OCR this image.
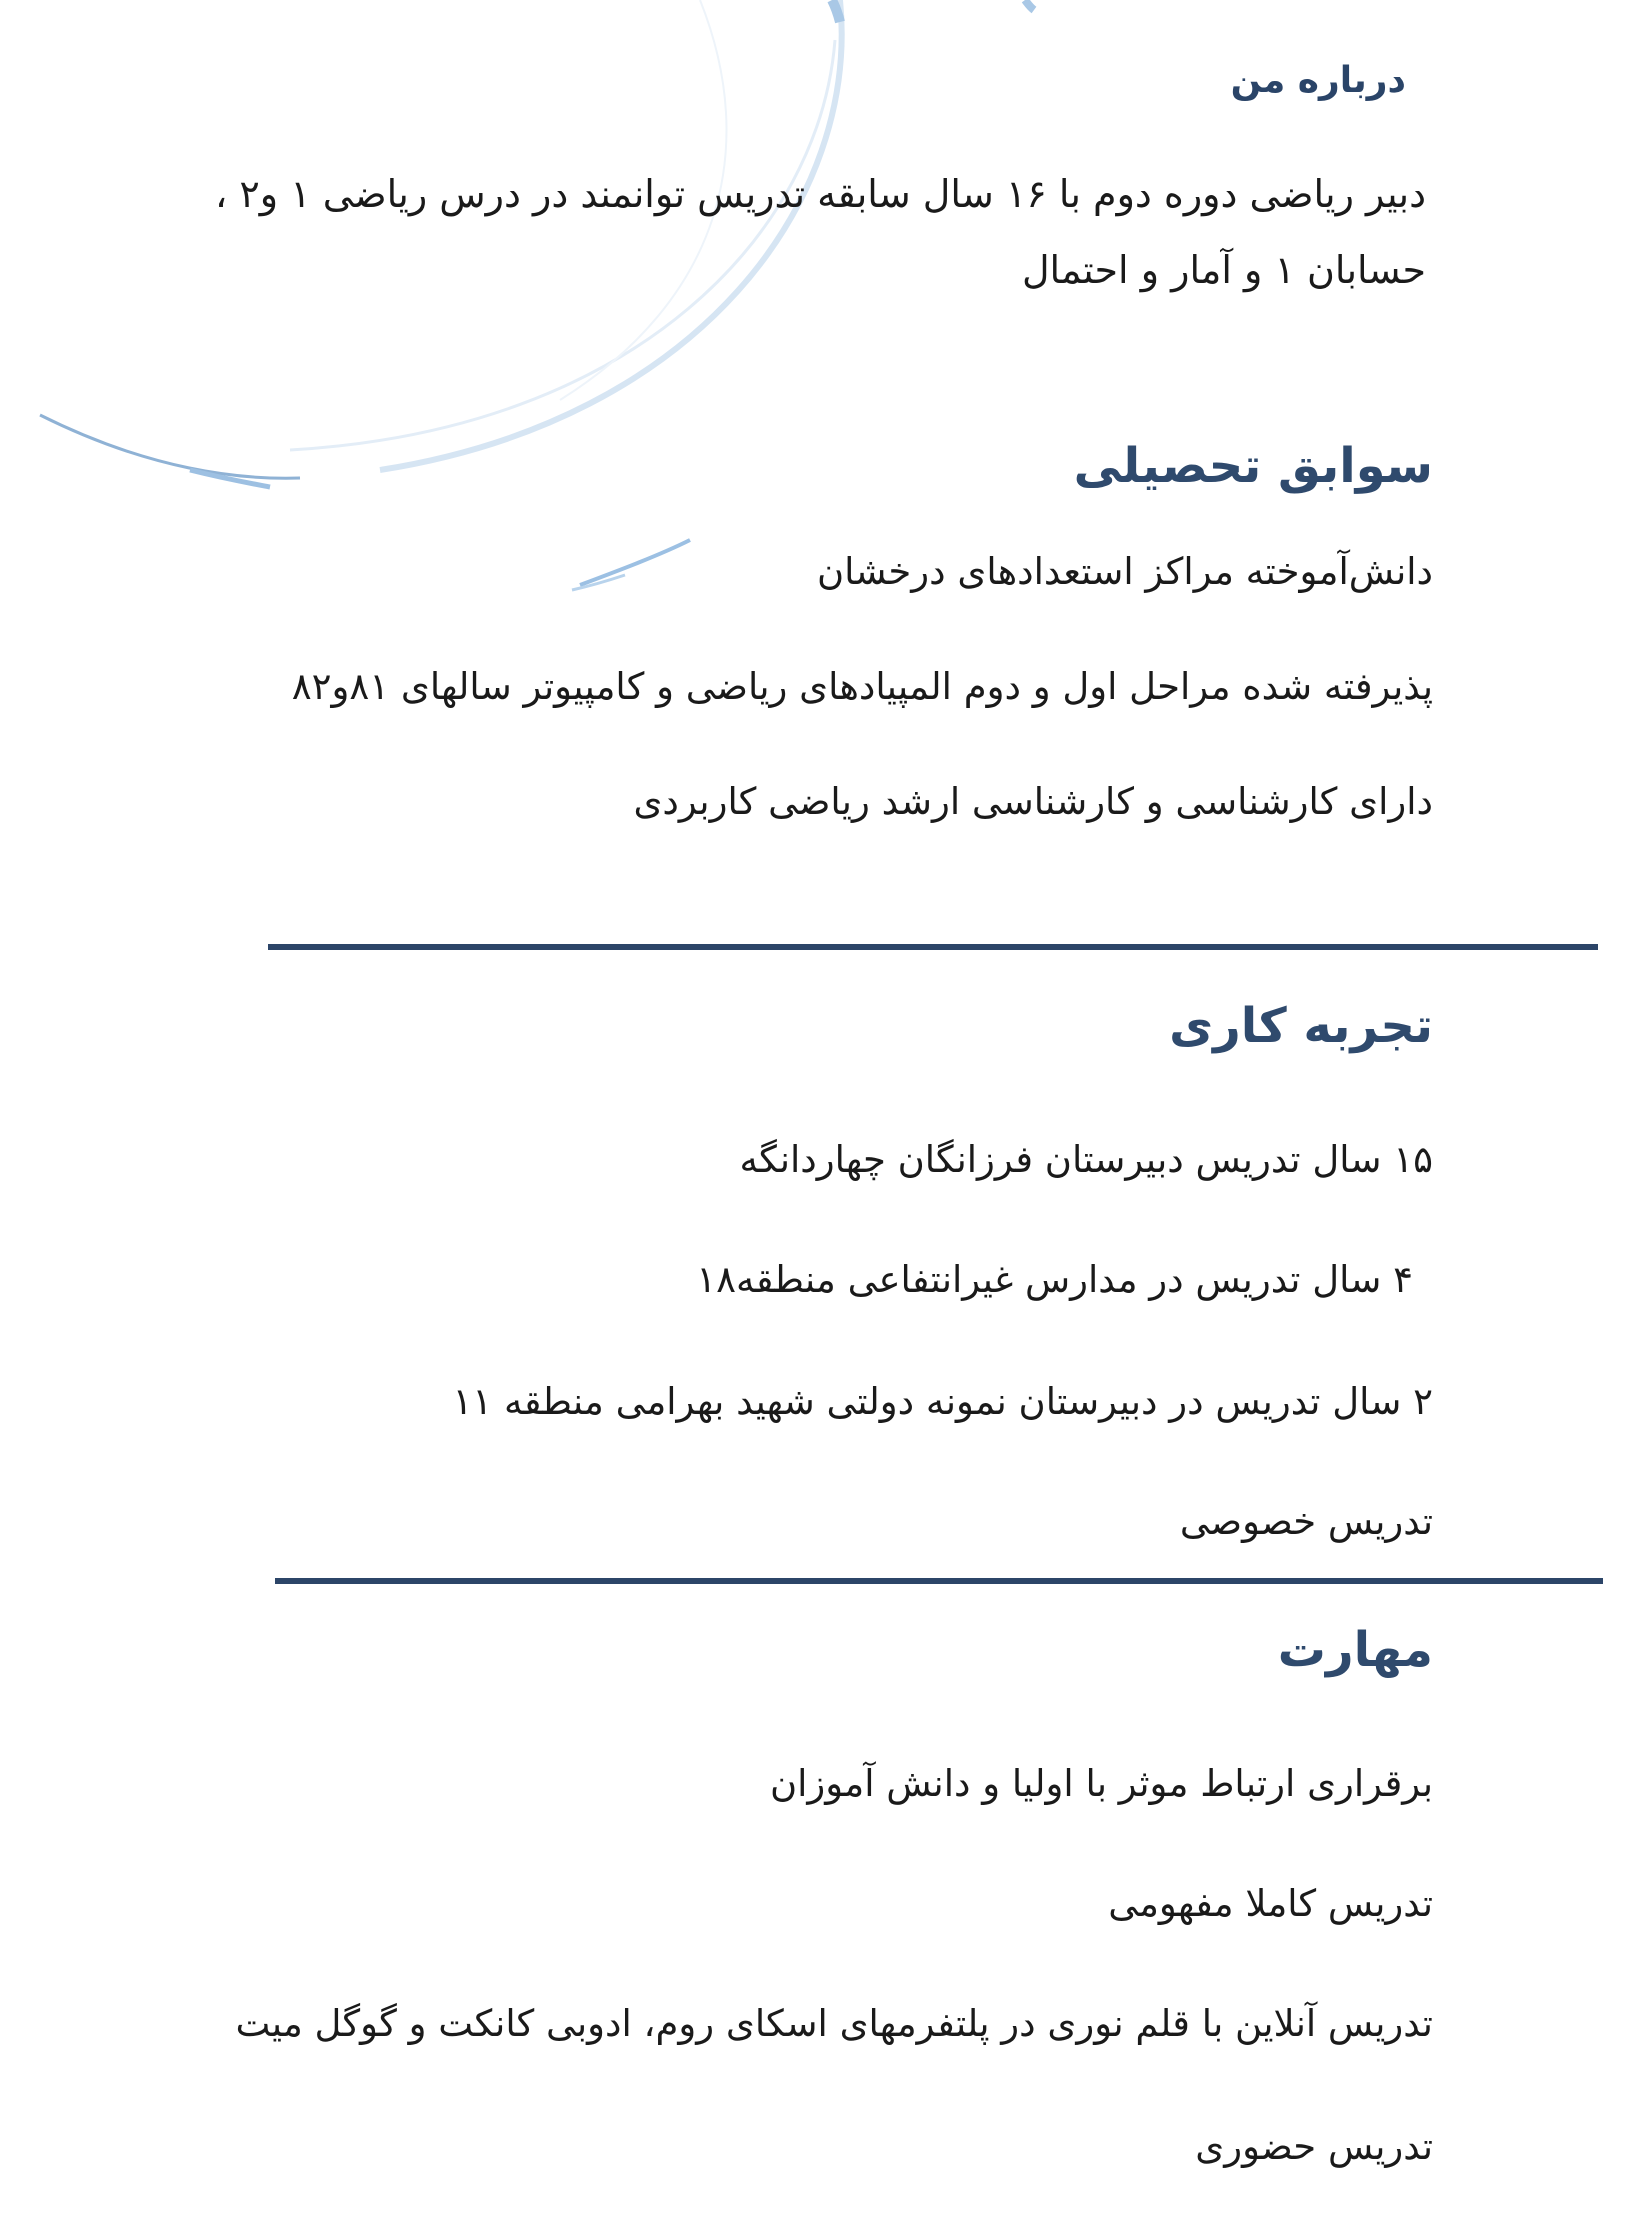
درباره من
دبیر ریاضی دوره دوم با ۱۶ سال سابقه تدریس توانمند در درس ریاضی ۱ و۲ ،
حسابان ۱ و آمار و احتمال
سوابق تحصیلی
دانش‌آموخته مراکز استعدادهای درخشان
پذیرفته شده مراحل اول و دوم المپیادهای ریاضی و کامپیوتر سالهای ۸۱و۸۲
دارای کارشناسی و کارشناسی ارشد ریاضی کاربردی
تجربه کاری
۱۵ سال تدریس دبیرستان فرزانگان چهاردانگه
۴ سال تدریس در مدارس غیرانتفاعی منطقه۱۸
۲ سال تدریس در دبیرستان نمونه دولتی شهید بهرامی منطقه ۱۱
تدریس خصوصی
مهارت
برقراری ارتباط موثر با اولیا و دانش آموزان
تدریس کاملا مفهومی
تدریس آنلاین با قلم نوری در پلتفرمهای اسکای روم، ادوبی کانکت و گوگل میت
تدریس حضوری
